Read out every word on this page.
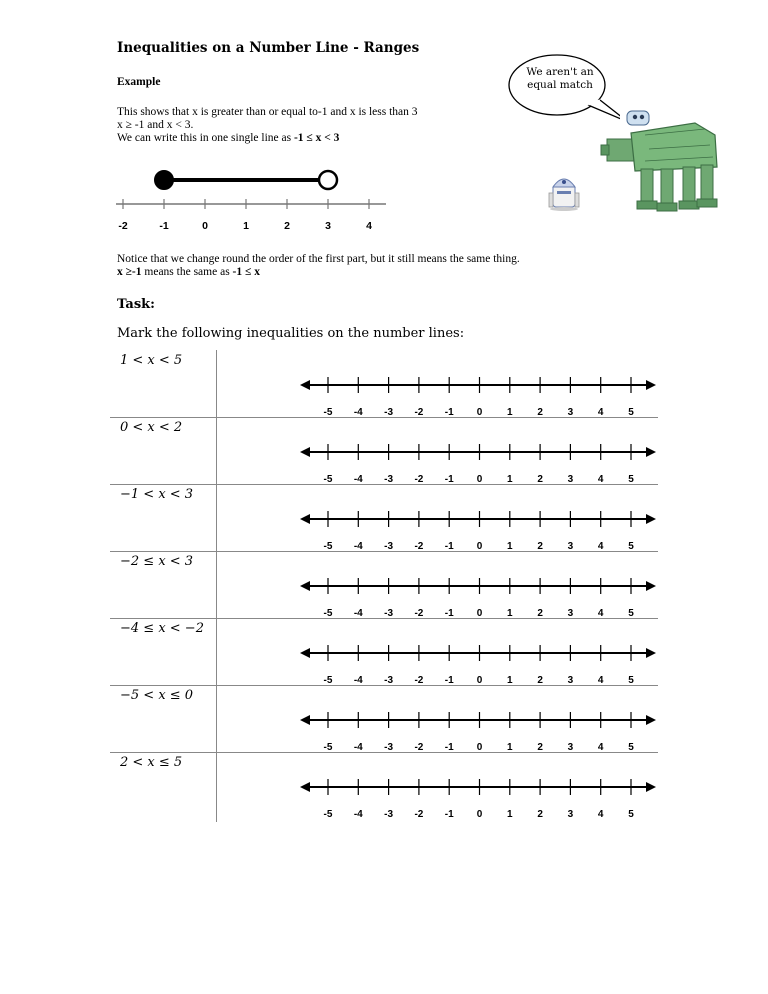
Inequalities on a Number Line - Ranges
Example
This shows that x is greater than or equal to-1 and x is less than 3
x ≥ -1 and x < 3.
We can write this in one single line as -1 ≤ x < 3
-2	-1	0	1	2	3	4
Notice that we change round the order of the first part, but it still means the same thing.
x ≥-1 means the same as -1 ≤ x
We aren't an equal match
Task:
Mark the following inequalities on the number lines:
1 < x < 5
-5 -4 -3 -2 -1 0 1 2 3 4 5
0 < x < 2
-5 -4 -3 -2 -1 0 1 2 3 4 5
−1 < x < 3
-5 -4 -3 -2 -1 0 1 2 3 4 5
−2 ≤ x < 3
-5 -4 -3 -2 -1 0 1 2 3 4 5
−4 ≤ x < −2
-5 -4 -3 -2 -1 0 1 2 3 4 5
−5 < x ≤ 0
-5 -4 -3 -2 -1 0 1 2 3 4 5
2 < x ≤ 5
-5 -4 -3 -2 -1 0 1 2 3 4 5
